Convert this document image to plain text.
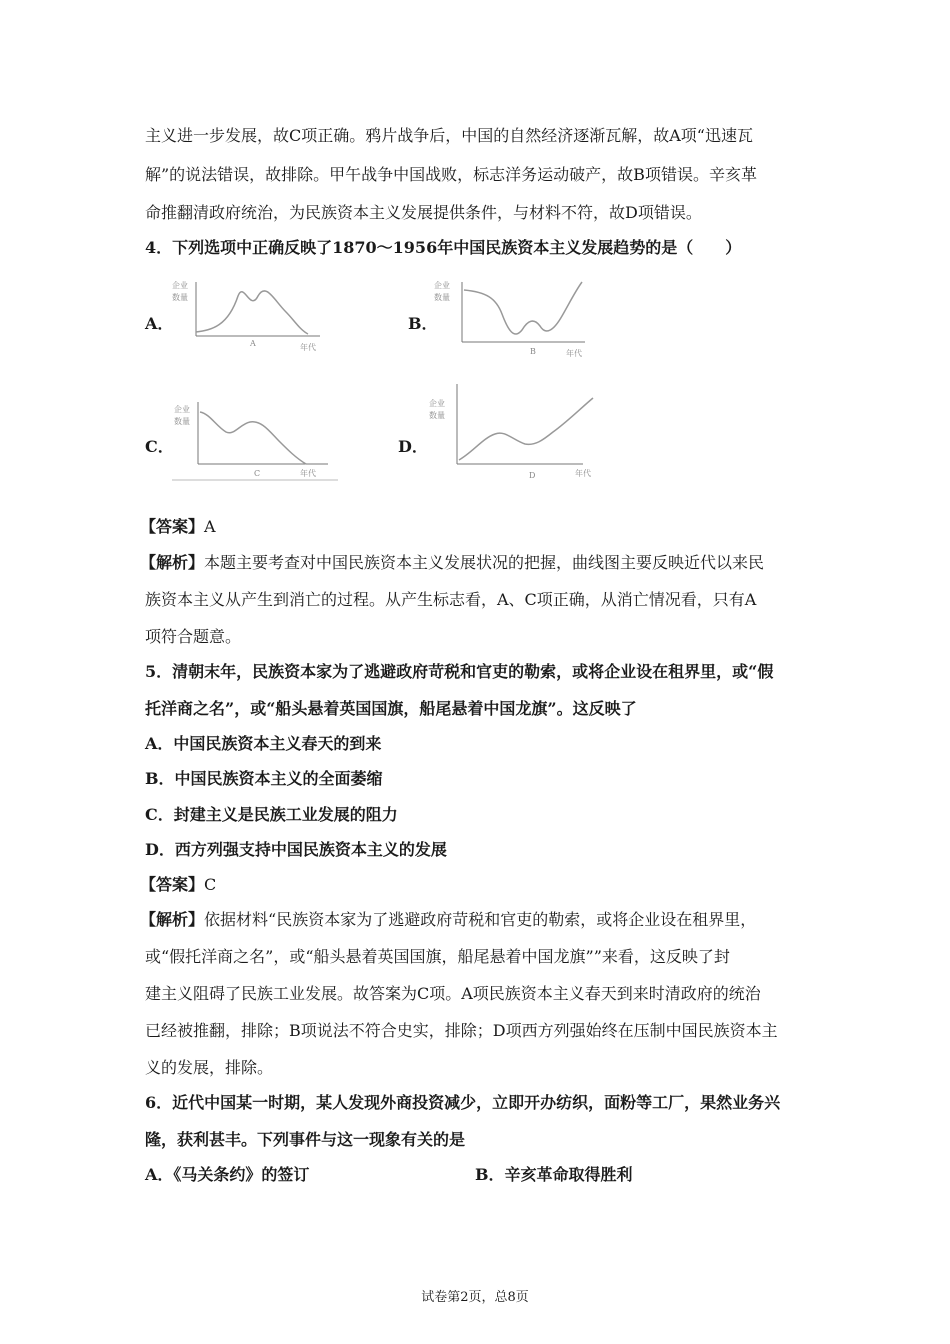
主义进一步发展，故C项正确。鸦片战争后，中国的自然经济逐渐瓦解，故A项“迅速瓦
解”的说法错误，故排除。甲午战争中国战败，标志洋务运动破产，故B项错误。辛亥革
命推翻清政府统治，为民族资本主义发展提供条件，与材料不符，故D项错误。
4．下列选项中正确反映了1870～1956年中国民族资本主义发展趋势的是（　　）
A．
企业
数量
A	年代
B．
企业
数量
B	年代
C．
企业
数量
C	年代
D．
企业
数量
D	年代
【答案】A
【解析】本题主要考查对中国民族资本主义发展状况的把握，曲线图主要反映近代以来民
族资本主义从产生到消亡的过程。从产生标志看，A、C项正确，从消亡情况看，只有A
项符合题意。
5．清朝末年，民族资本家为了逃避政府苛税和官吏的勒索，或将企业设在租界里，或“假
托洋商之名”，或“船头悬着英国国旗，船尾悬着中国龙旗”。这反映了
A．中国民族资本主义春天的到来
B．中国民族资本主义的全面萎缩
C．封建主义是民族工业发展的阻力
D．西方列强支持中国民族资本主义的发展
【答案】C
【解析】依据材料“民族资本家为了逃避政府苛税和官吏的勒索，或将企业设在租界里，
或“假托洋商之名”，或“船头悬着英国国旗，船尾悬着中国龙旗””来看，这反映了封
建主义阻碍了民族工业发展。故答案为C项。A项民族资本主义春天到来时清政府的统治
已经被推翻，排除；B项说法不符合史实，排除；D项西方列强始终在压制中国民族资本主
义的发展，排除。
6．近代中国某一时期，某人发现外商投资减少，立即开办纺织，面粉等工厂，果然业务兴
隆，获利甚丰。下列事件与这一现象有关的是
A．《马关条约》的签订	B．辛亥革命取得胜利
试卷第2页，总8页
